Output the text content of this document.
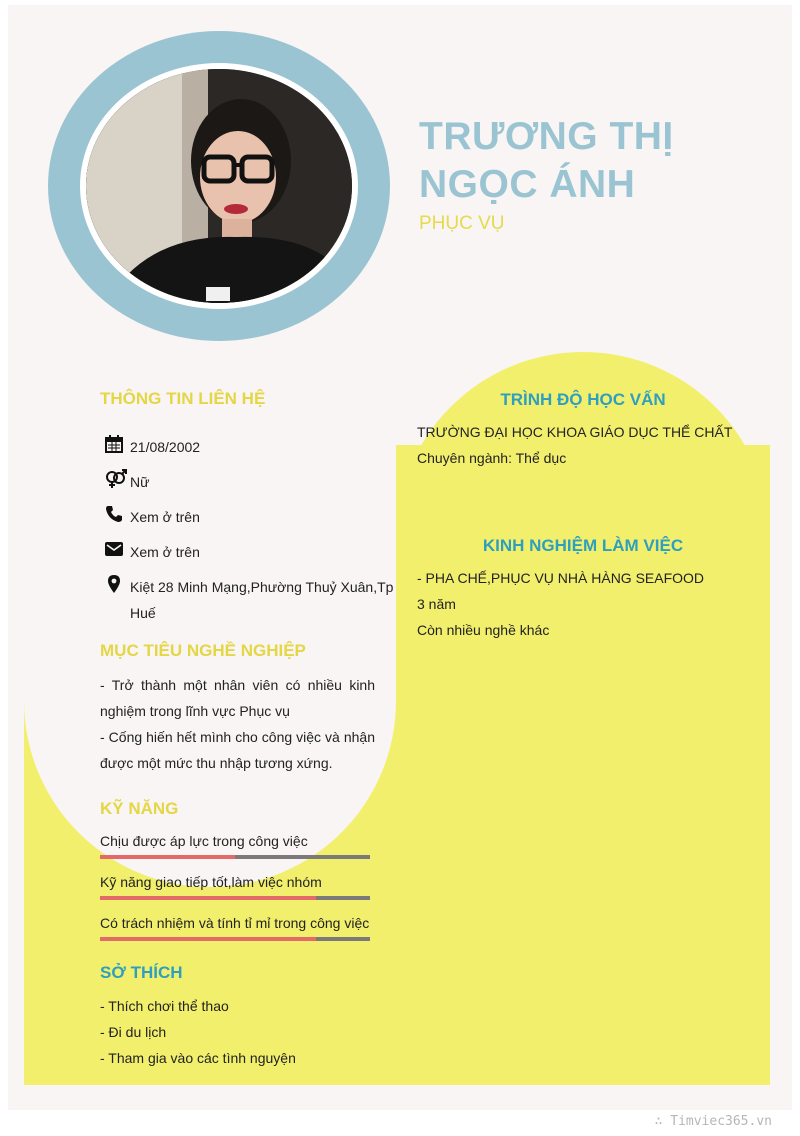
TRƯƠNG THỊ
NGỌC ÁNH
PHỤC VỤ
THÔNG TIN LIÊN HỆ
21/08/2002
Nữ
Xem ở trên
Xem ở trên
Kiệt 28 Minh Mạng,Phường Thuỷ Xuân,Tp
Huế
MỤC TIÊU NGHỀ NGHIỆP
- Trở thành một nhân viên có nhiều kinh
nghiệm trong lĩnh vực Phục vụ
- Cống hiến hết mình cho công việc và nhận
được một mức thu nhập tương xứng.
KỸ NĂNG
Chịu được áp lực trong công việc
Kỹ năng giao tiếp tốt,làm việc nhóm
Có trách nhiệm và tính tỉ mỉ trong công việc
SỞ THÍCH
- Thích chơi thể thao
- Đi du lịch
- Tham gia vào các tình nguyện
TRÌNH ĐỘ HỌC VẤN
TRƯỜNG ĐẠI HỌC KHOA GIÁO DỤC THỂ CHẤT
Chuyên ngành: Thể dục
KINH NGHIỆM LÀM VIỆC
- PHA CHẾ,PHỤC VỤ NHÀ HÀNG SEAFOOD
3 năm
Còn nhiều nghề khác
∴ Timviec365.vn
